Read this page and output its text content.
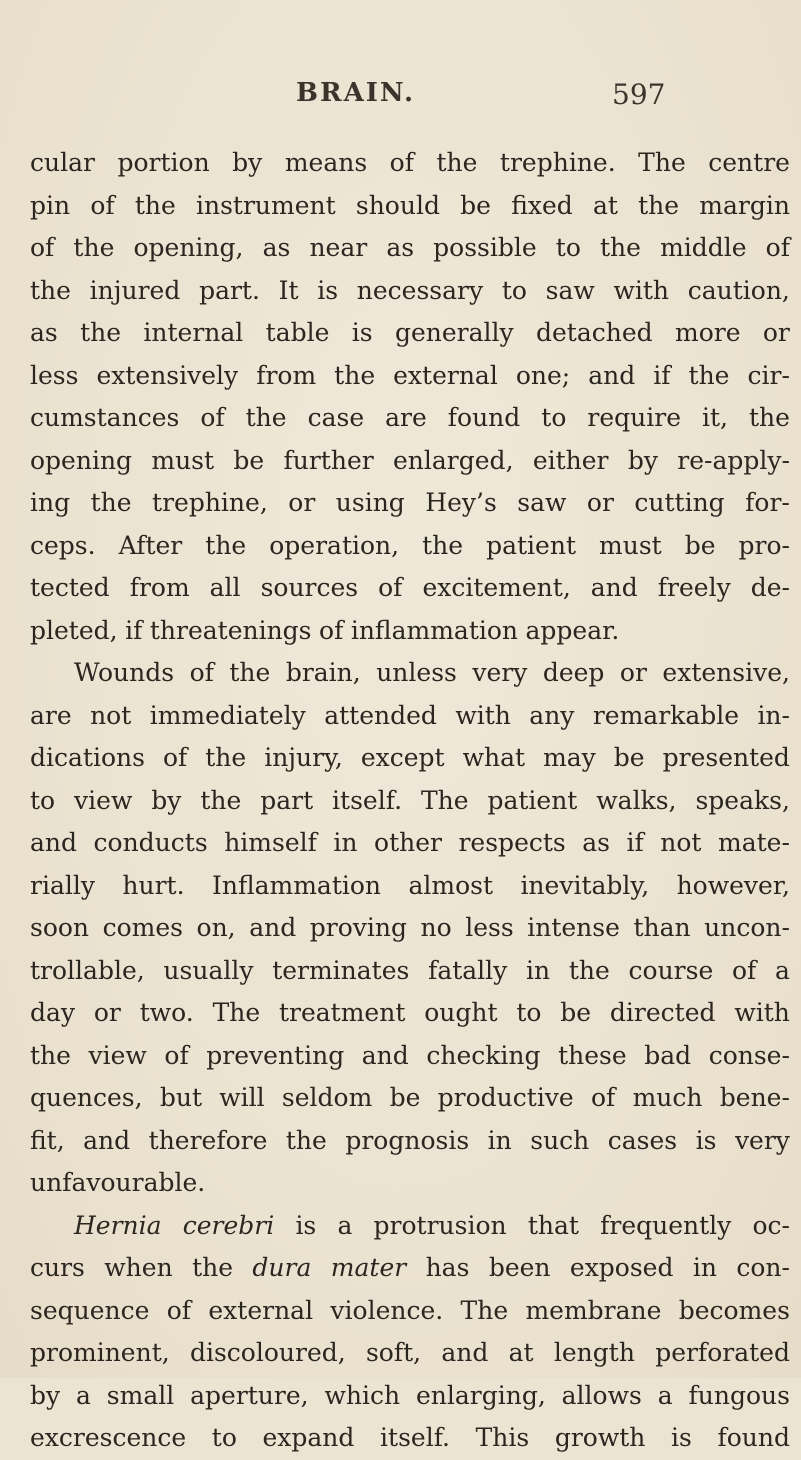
BRAIN.	597
cular portion by means of the trephine. The centre
pin of the instrument should be fixed at the margin
of the opening, as near as possible to the middle of
the injured part. It is necessary to saw with caution,
as the internal table is generally detached more or
less extensively from the external one; and if the cir-
cumstances of the case are found to require it, the
opening must be further enlarged, either by re-apply-
ing the trephine, or using Hey’s saw or cutting for-
ceps. After the operation, the patient must be pro-
tected from all sources of excitement, and freely de-
pleted, if threatenings of inflammation appear.
Wounds of the brain, unless very deep or extensive,
are not immediately attended with any remarkable in-
dications of the injury, except what may be presented
to view by the part itself. The patient walks, speaks,
and conducts himself in other respects as if not mate-
rially hurt. Inflammation almost inevitably, however,
soon comes on, and proving no less intense than uncon-
trollable, usually terminates fatally in the course of a
day or two. The treatment ought to be directed with
the view of preventing and checking these bad conse-
quences, but will seldom be productive of much bene-
fit, and therefore the prognosis in such cases is very
unfavourable.
Hernia cerebri is a protrusion that frequently oc-
curs when the dura mater has been exposed in con-
sequence of external violence. The membrane becomes
prominent, discoloured, soft, and at length perforated
by a small aperture, which enlarging, allows a fungous
excrescence to expand itself. This growth is found
